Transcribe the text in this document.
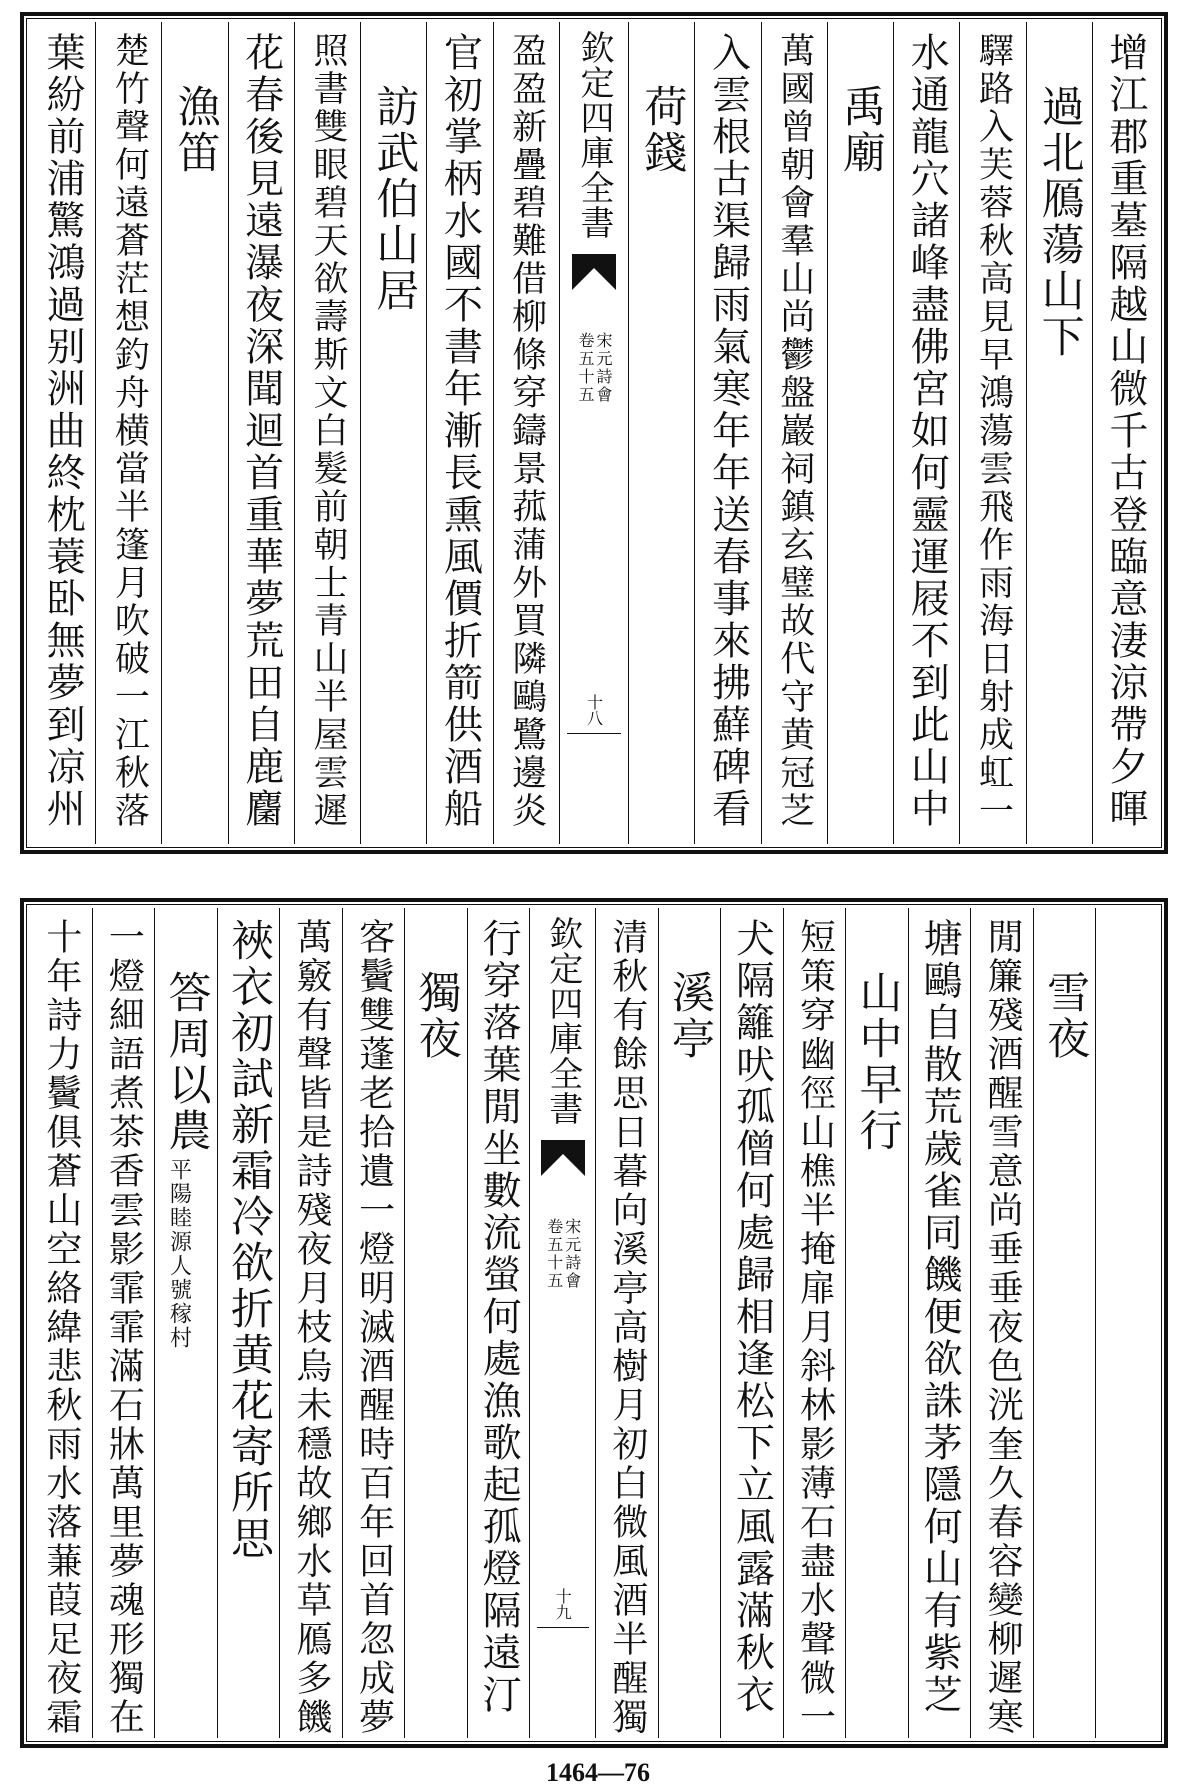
增江郡重墓隔越山微千古登臨意淒涼帶夕暉
過北鴈蕩山下
驛路入芙蓉秋高見早鴻蕩雲飛作雨海日射成虹一
水通龍穴諸峰盡佛宮如何靈運屐不到此山中
禹廟
萬國曾朝會羣山尚鬱盤巖祠鎮玄璧故代守黄冠芝
入雲根古渠歸雨氣寒年年送春事來拂蘚碑看
荷錢
欽定四庫全書
宋元詩會
卷五十五
十八
盈盈新疊碧難借柳條穿鑄景菰蒲外買隣鷗鷺邊炎
官初掌柄水國不書年漸長熏風價折箭供酒船
訪武伯山居
照書雙眼碧天欲壽斯文白髮前朝士青山半屋雲遲
花春後見遠瀑夜深聞迴首重華夢荒田自鹿麕
漁笛
楚竹聲何遠蒼茫想釣舟横當半篷月吹破一江秋落
葉紛前浦驚鴻過别洲曲終枕蓑卧無夢到凉州
雪夜
閒簾殘酒醒雪意尚垂垂夜色洸奎久春容變柳遲寒
塘鷗自散荒歲雀同饑便欲誅茅隱何山有紫芝
山中早行
短策穿幽徑山樵半掩扉月斜林影薄石盡水聲微一
犬隔籬吠孤僧何處歸相逢松下立風露滿秋衣
溪亭
清秋有餘思日暮向溪亭高樹月初白微風酒半醒獨
欽定四庫全書
宋元詩會
卷五十五
十九
行穿落葉閒坐數流螢何處漁歌起孤燈隔遠汀
獨夜
客鬢雙蓬老拾遺一燈明滅酒醒時百年回首忽成夢
萬竅有聲皆是詩殘夜月枝烏未穩故鄉水草鴈多饑
裌衣初試新霜冷欲折黄花寄所思
答周以農
平陽睦源人號稼村
一燈細語煮茶香雲影霏霏滿石牀萬里夢魂形獨在
十年詩力鬢俱蒼山空絡緯悲秋雨水落蒹葭足夜霜
1464—76
